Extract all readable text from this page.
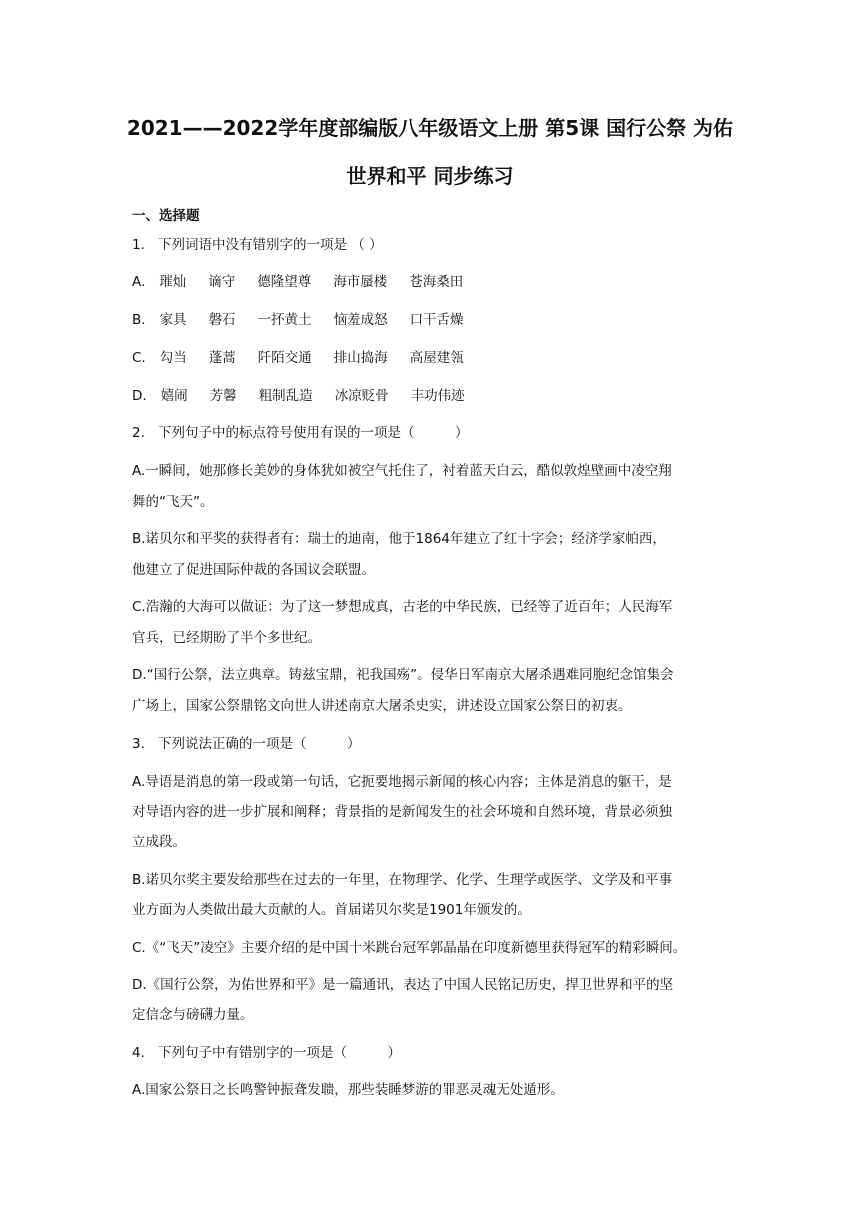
2021——2022学年度部编版八年级语文上册 第5课 国行公祭 为佑
世界和平 同步练习

一、选择题

1. 下列词语中没有错别字的一项是 （ ）

A. 璀灿 谪守 德隆望尊 海市蜃楼 苍海桑田

B. 家具 磐石 一抔黄土 恼羞成怒 口干舌燥

C. 勾当 蓬蒿 阡陌交通 排山捣海 高屋建瓴

D. 嬉闹 芳馨 粗制乱造 冰凉贬骨 丰功伟迹

2. 下列句子中的标点符号使用有误的一项是（　　　）

A.一瞬间，她那修长美妙的身体犹如被空气托住了，衬着蓝天白云，酷似敦煌壁画中凌空翔

舞的“飞天”。

B.诺贝尔和平奖的获得者有：瑞士的迪南，他于1864年建立了红十字会；经济学家帕西，

他建立了促进国际仲裁的各国议会联盟。

C.浩瀚的大海可以做证：为了这一梦想成真，古老的中华民族，已经等了近百年；人民海军

官兵，已经期盼了半个多世纪。

D.“国行公祭，法立典章。铸兹宝鼎，祀我国殇”。侵华日军南京大屠杀遇难同胞纪念馆集会

广场上，国家公祭鼎铭文向世人讲述南京大屠杀史实，讲述设立国家公祭日的初衷。

3. 下列说法正确的一项是（　　　）

A.导语是消息的第一段或第一句话，它扼要地揭示新闻的核心内容；主体是消息的躯干，是

对导语内容的进一步扩展和阐释；背景指的是新闻发生的社会环境和自然环境，背景必须独

立成段。

B.诺贝尔奖主要发给那些在过去的一年里，在物理学、化学、生理学或医学、文学及和平事

业方面为人类做出最大贡献的人。首届诺贝尔奖是1901年颁发的。

C.《“飞天”凌空》主要介绍的是中国十米跳台冠军郭晶晶在印度新德里获得冠军的精彩瞬间。

D.《国行公祭，为佑世界和平》是一篇通讯，表达了中国人民铭记历史，捍卫世界和平的坚

定信念与磅礴力量。

4. 下列句子中有错别字的一项是（　　　）

A.国家公祭日之长鸣警钟振聋发聩，那些装睡梦游的罪恶灵魂无处遁形。
